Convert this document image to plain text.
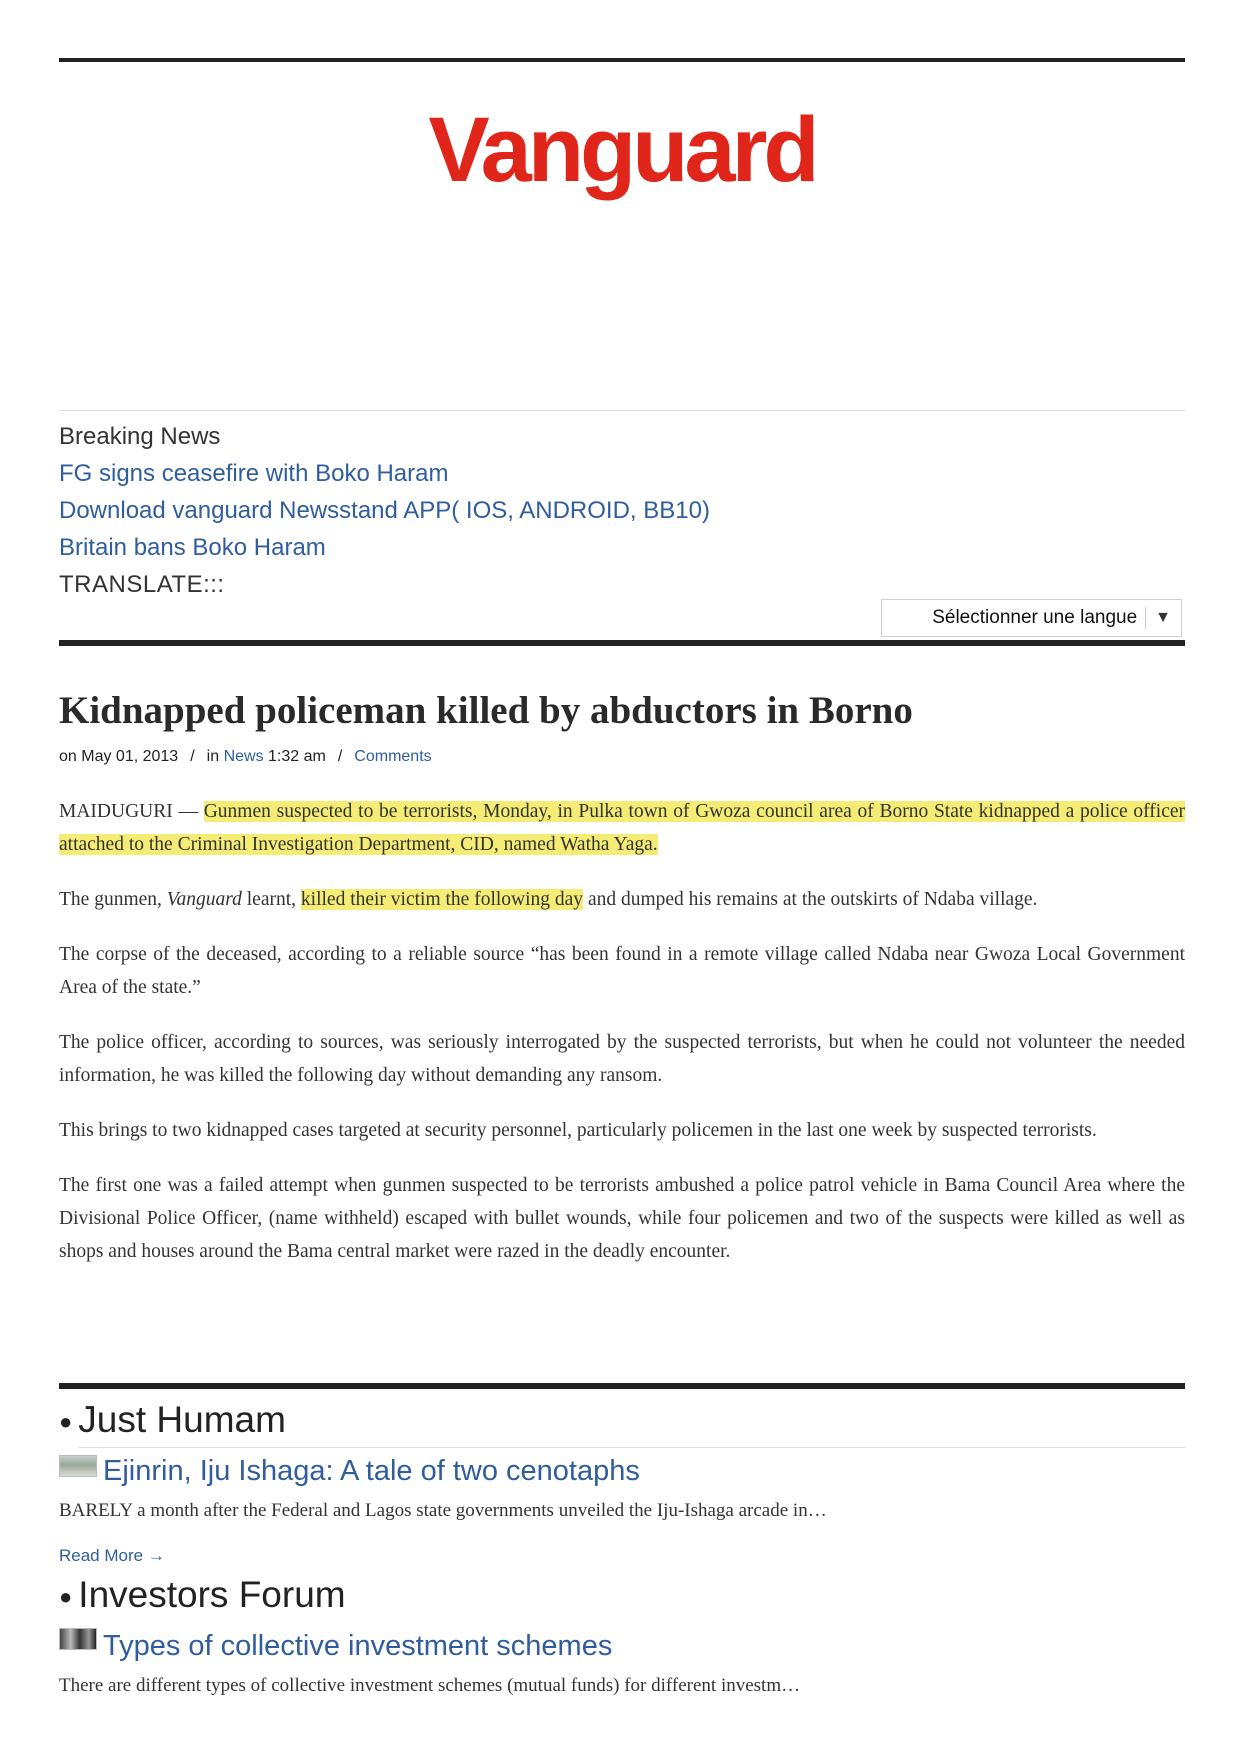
Vanguard
Breaking News
FG signs ceasefire with Boko Haram
Download vanguard Newsstand APP( IOS, ANDROID, BB10)
Britain bans Boko Haram
TRANSLATE:::
Sélectionner une langue	▼
Kidnapped policeman killed by abductors in Borno
on May 01, 2013 / in News 1:32 am / Comments

MAIDUGURI — Gunmen suspected to be terrorists, Monday, in Pulka town of Gwoza council area of Borno State kidnapped a police officer attached to the Criminal Investigation Department, CID, named Watha Yaga.

The gunmen, Vanguard learnt, killed their victim the following day and dumped his remains at the outskirts of Ndaba village.

The corpse of the deceased, according to a reliable source “has been found in a remote village called Ndaba near Gwoza Local Government Area of the state.”

The police officer, according to sources, was seriously interrogated by the suspected terrorists, but when he could not volunteer the needed information, he was killed the following day without demanding any ransom.

This brings to two kidnapped cases targeted at security personnel, particularly policemen in the last one week by suspected terrorists.

The first one was a failed attempt when gunmen suspected to be terrorists ambushed a police patrol vehicle in Bama Council Area where the Divisional Police Officer, (name withheld) escaped with bullet wounds, while four policemen and two of the suspects were killed as well as shops and houses around the Bama central market were razed in the deadly encounter.

● Just Humam
Ejinrin, Iju Ishaga: A tale of two cenotaphs
BARELY a month after the Federal and Lagos state governments unveiled the Iju-Ishaga arcade in…
Read More →
● Investors Forum
Types of collective investment schemes
There are different types of collective investment schemes (mutual funds) for different investm…
